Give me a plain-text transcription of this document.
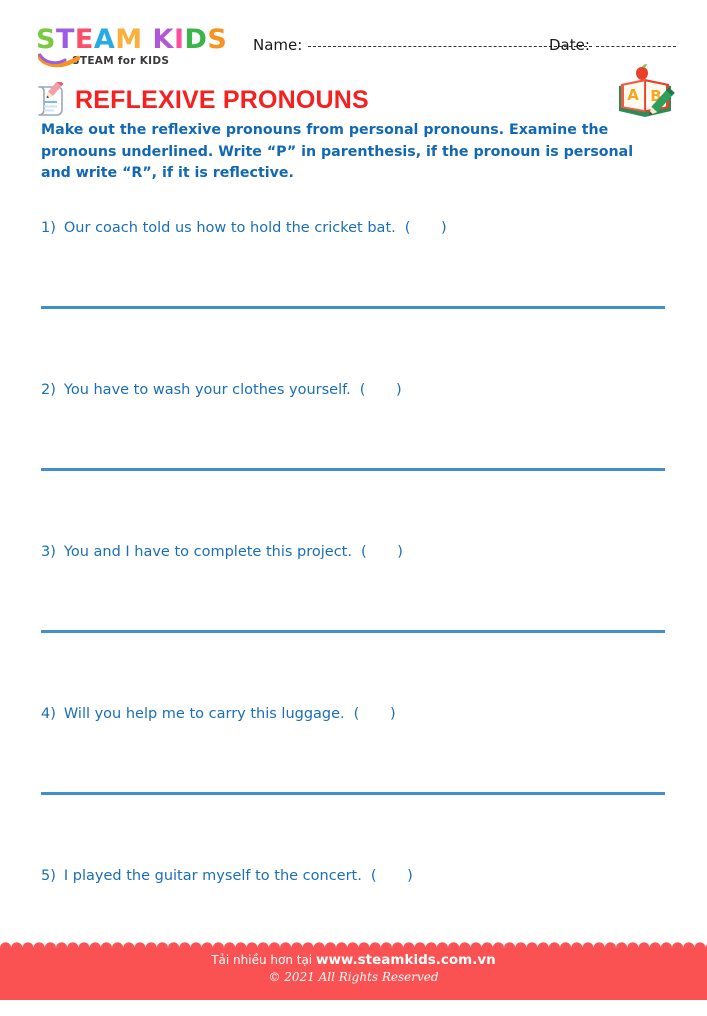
STEAM KIDS
STEAM for KIDS
Name:	Date:
REFLEXIVE PRONOUNS	A B
Make out the reflexive pronouns from personal pronouns. Examine the pronouns underlined. Write “P” in parenthesis, if the pronoun is personal and write “R”, if it is reflective.
1) Our coach told us how to hold the cricket bat. ( )
2) You have to wash your clothes yourself. ( )
3) You and I have to complete this project. ( )
4) Will you help me to carry this luggage. ( )
5) I played the guitar myself to the concert. ( )
Tải nhiều hơn tại www.steamkids.com.vn
© 2021 All Rights Reserved
